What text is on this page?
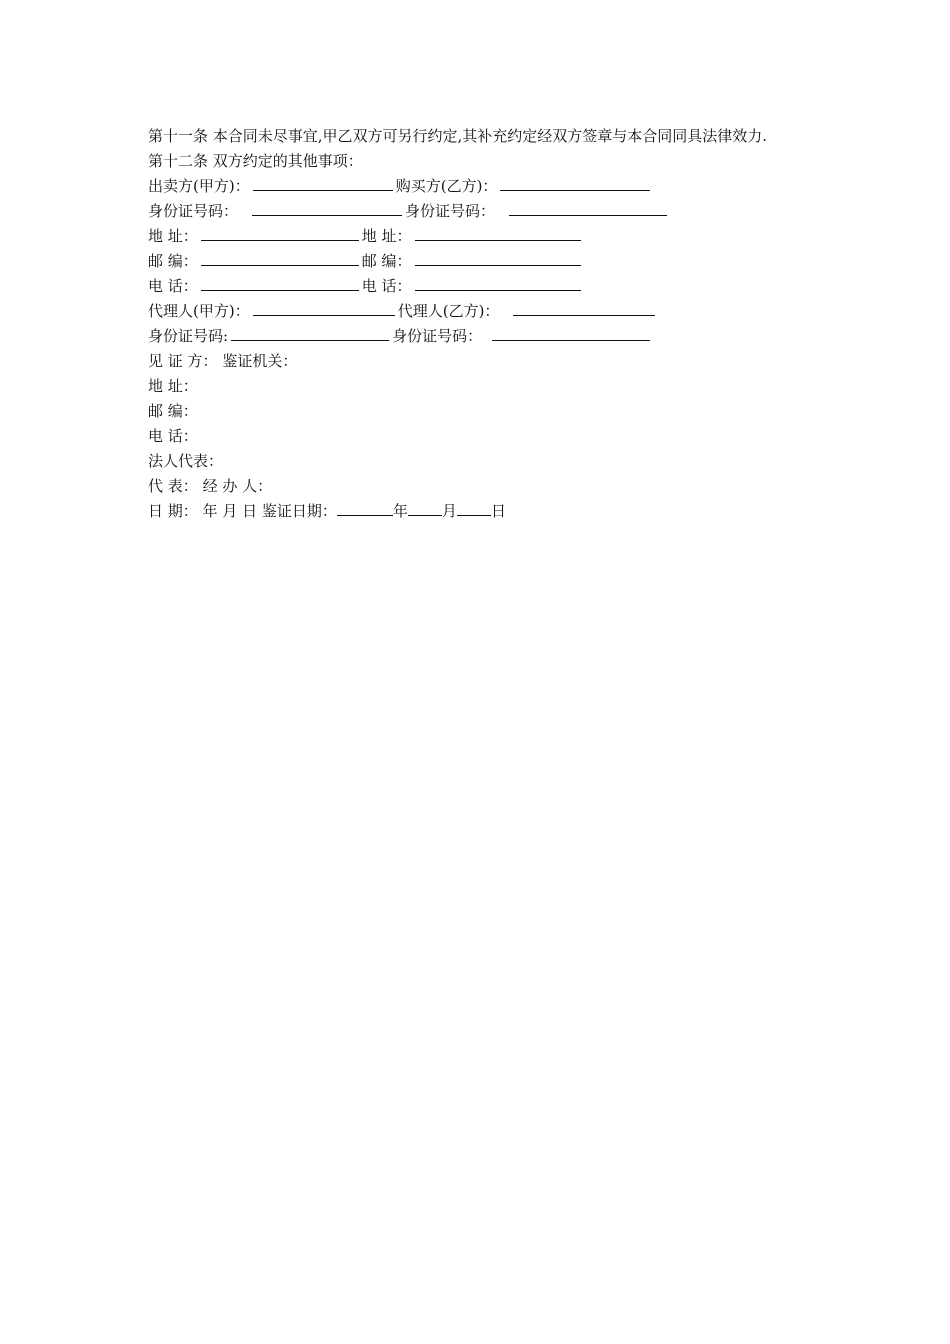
第十一条 本合同未尽事宜,甲乙双方可另行约定,其补充约定经双方签章与本合同同具法律效力.
第十二条 双方约定的其他事项：
出卖方(甲方)：	购买方(乙方)：
身份证号码：	身份证号码：
地 址：	地 址：
邮 编：	邮 编：
电 话：	电 话：
代理人(甲方)：	代理人(乙方)：
身份证号码:	身份证号码：
见 证 方： 鉴证机关：
地 址：
邮 编：
电 话：
法人代表：
代 表： 经 办 人：
日 期： 年 月 日 鉴证日期：	年 月 日
